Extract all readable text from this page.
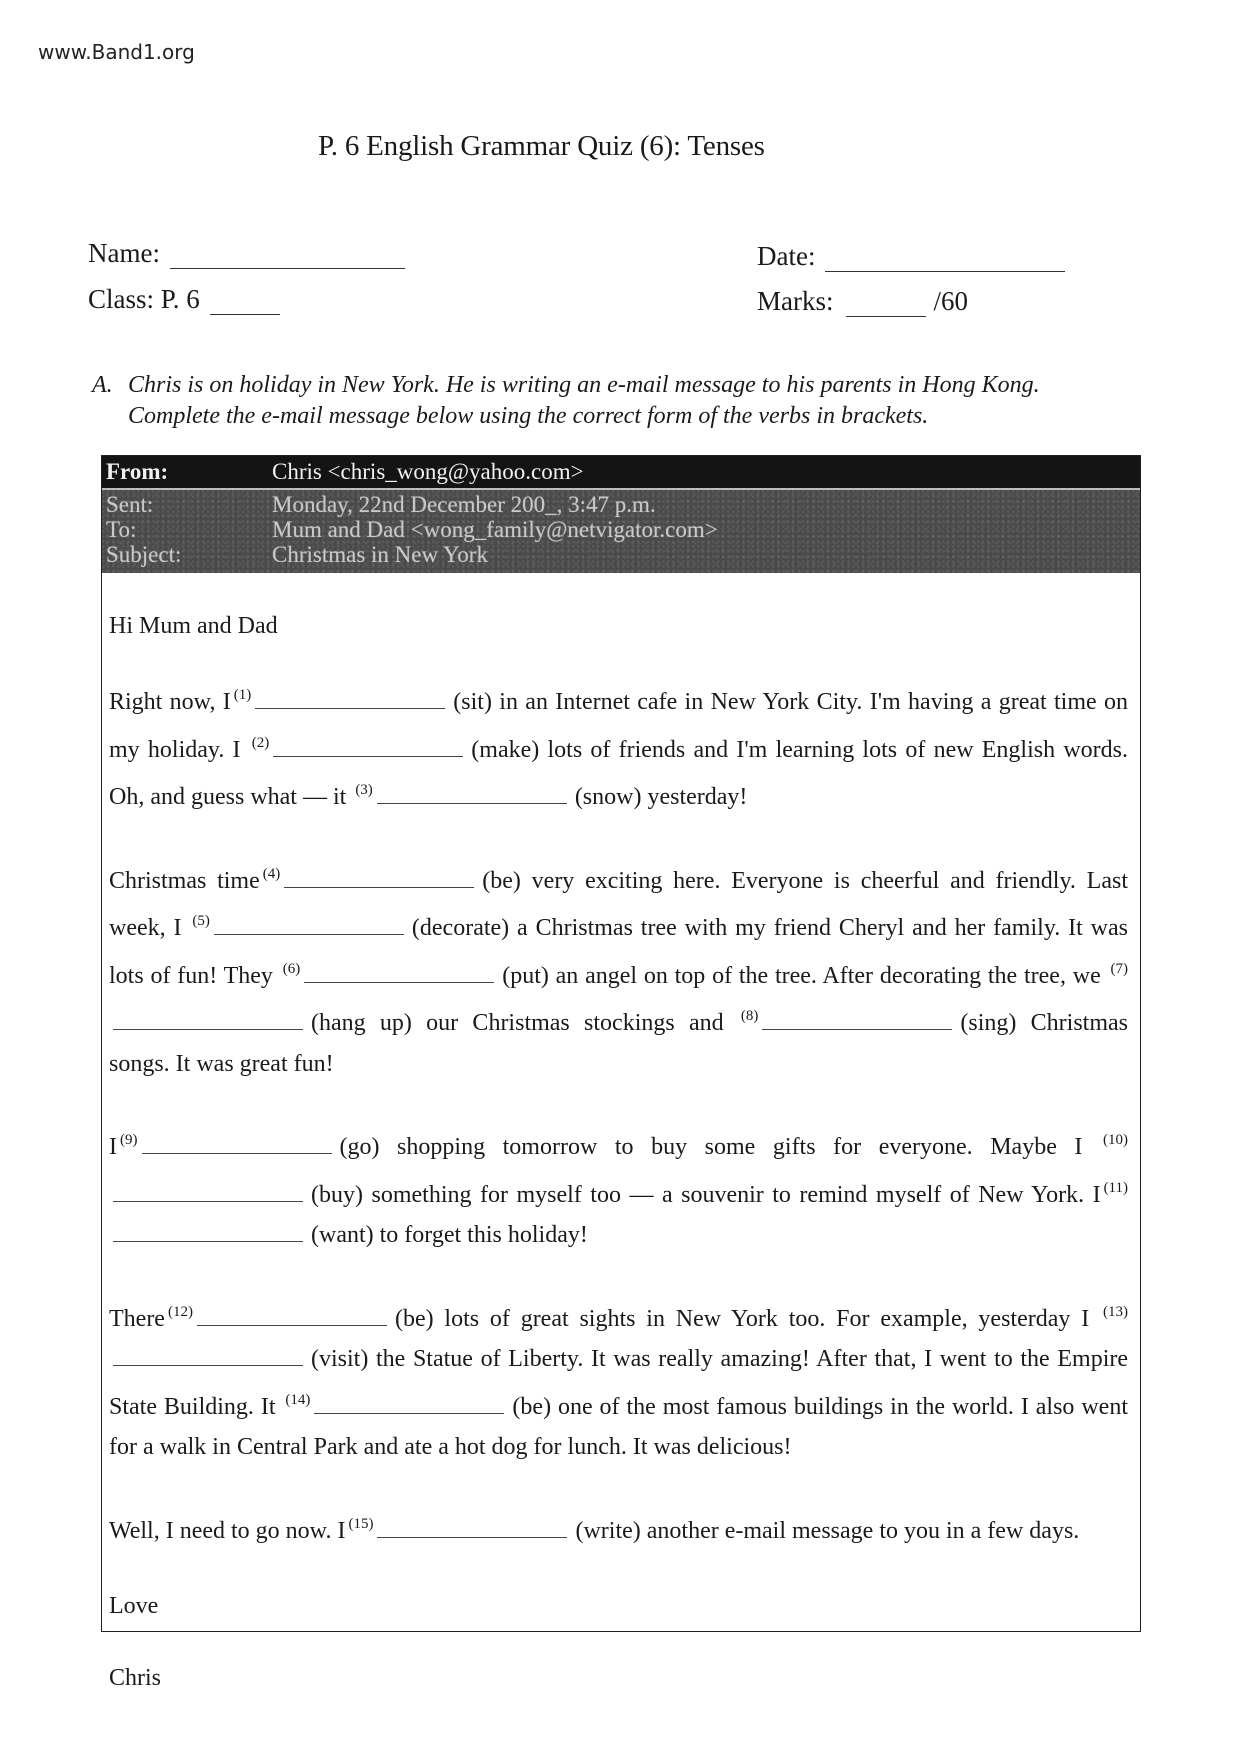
www.Band1.org
P. 6 English Grammar Quiz (6): Tenses
Name:
Class: P. 6
Date:
Marks:	/60
A. Chris is on holiday in New York. He is writing an e-mail message to his parents in Hong Kong.
Complete the e-mail message below using the correct form of the verbs in brackets.
From:	Chris <chris_wong@yahoo.com>
Sent:	Monday, 22nd December 200_, 3:47 p.m.
To:	Mum and Dad <wong_family@netvigator.com>
Subject:	Christmas in New York
Hi Mum and Dad
Right now, I $^{(1)}$	(sit) in an Internet cafe in New York City. I'm having a great time on my holiday. I $^{(2)}$	(make) lots of friends and I'm learning lots of new English words. Oh, and guess what — it $^{(3)}$	(snow) yesterday!
Christmas time $^{(4)}$	(be) very exciting here. Everyone is cheerful and friendly. Last week, I $^{(5)}$	(decorate) a Christmas tree with my friend Cheryl and her family. It was lots of fun! They $^{(6)}$	(put) an angel on top of the tree. After decorating the tree, we $^{(7)}$(hang up) our Christmas stockings and $^{(8)}$	(sing) Christmas songs. It was great fun!
I $^{(9)}$	(go) shopping tomorrow to buy some gifts for everyone. Maybe I $^{(10)}$(buy) something for myself too — a souvenir to remind myself of New York. I $^{(11)}$(want) to forget this holiday!
There $^{(12)}$	(be) lots of great sights in New York too. For example, yesterday I $^{(13)}$(visit) the Statue of Liberty. It was really amazing! After that, I went to the Empire State Building. It $^{(14)}$	(be) one of the most famous buildings in the world. I also went for a walk in Central Park and ate a hot dog for lunch. It was delicious!
Well, I need to go now. I $^{(15)}$	(write) another e-mail message to you in a few days.
Love
Chris
